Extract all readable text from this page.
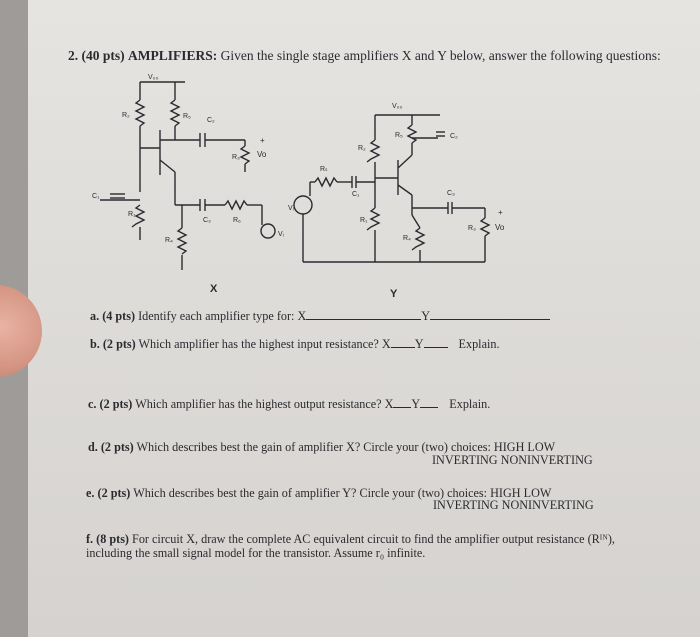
2. (40 pts) AMPLIFIERS: Given the single stage amplifiers X and Y below, answer the following questions:
V₀₀
R₂	R₅
C₂
R₃ Vo
+
C₁
R₁
C₃	R₆
Vᵢ
R₄
X
V₀₀
R₅	C₂
R₂
Rₛ
C₁
Vᵢ
C₃
R₃ Vo
+
R₁
R₄
Y
a. (4 pts) Identify each amplifier type for: X	Y
b. (2 pts) Which amplifier has the highest input resistance? X Y	Explain.
c. (2 pts) Which amplifier has the highest output resistance? X Y Explain.
d. (2 pts) Which describes best the gain of amplifier X? Circle your (two) choices: HIGH LOW
INVERTING NONINVERTING
e. (2 pts) Which describes best the gain of amplifier Y? Circle your (two) choices: HIGH LOW
INVERTING NONINVERTING
f. (8 pts) For circuit X, draw the complete AC equivalent circuit to find the amplifier output resistance (Rᴵᴺ),
including the small signal model for the transistor. Assume r₀ infinite.
